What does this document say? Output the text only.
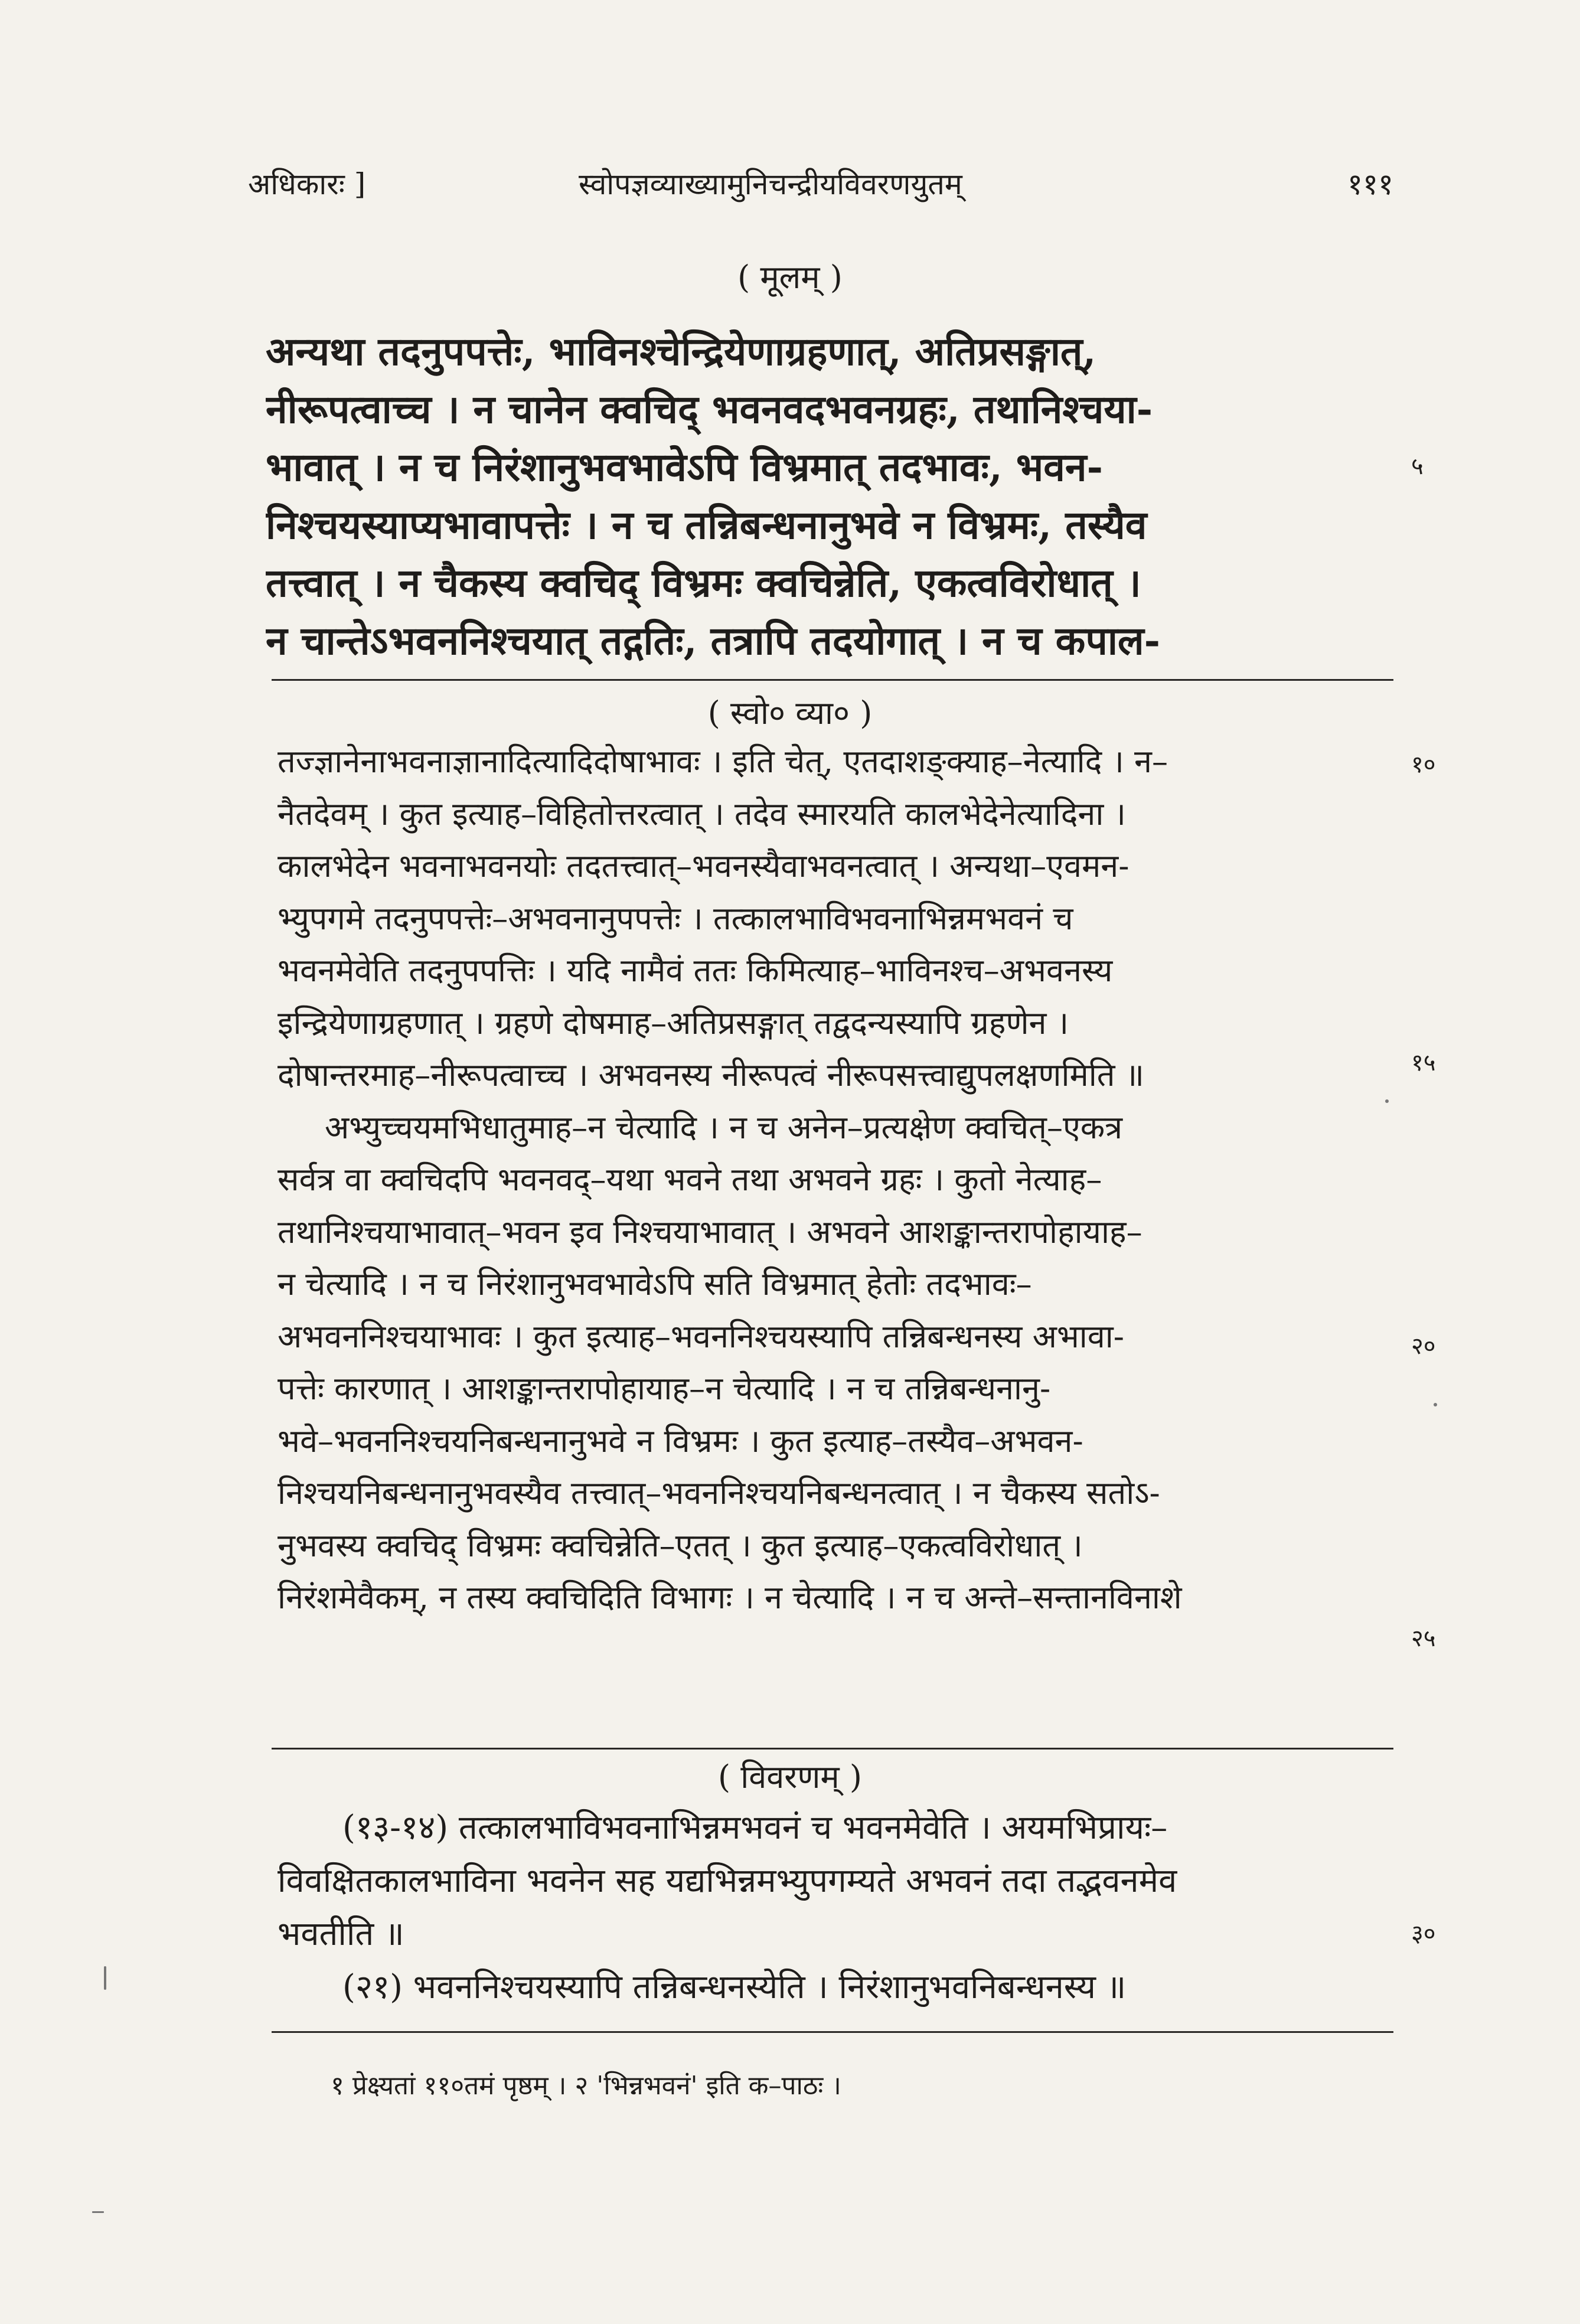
अधिकारः ]	स्वोपज्ञव्याख्यामुनिचन्द्रीयविवरणयुतम्	१११
( मूलम् )
अन्यथा तदनुपपत्तेः, भाविनश्चेन्द्रियेणाग्रहणात्, अतिप्रसङ्गात्,
नीरूपत्वाच्च । न चानेन क्वचिद् भवनवदभवनग्रहः, तथानिश्चया-
भावात् । न च निरंशानुभवभावेऽपि विभ्रमात् तदभावः, भवन-
निश्चयस्याप्यभावापत्तेः । न च तन्निबन्धनानुभवे न विभ्रमः, तस्यैव
तत्त्वात् । न चैकस्य क्वचिद् विभ्रमः क्वचिन्नेति, एकत्वविरोधात् ।
न चान्तेऽभवननिश्चयात् तद्गतिः, तत्रापि तदयोगात् । न च कपाल-
५
( स्वो० व्या० )
तज्ज्ञानेनाभवनाज्ञानादित्यादिदोषाभावः । इति चेत्, एतदाशङ्क्याह–नेत्यादि । न–
नैतदेवम् । कुत इत्याह–विहितोत्तरत्वात् । तदेव स्मारयति कालभेदेनेत्यादिना ।
कालभेदेन भवनाभवनयोः तदतत्त्वात्–भवनस्यैवाभवनत्वात् । अन्यथा–एवमन-
भ्युपगमे तदनुपपत्तेः–अभवनानुपपत्तेः । तत्कालभाविभवनाभिन्नमभवनं च
भवनमेवेति तदनुपपत्तिः । यदि नामैवं ततः किमित्याह–भाविनश्च–अभवनस्य
इन्द्रियेणाग्रहणात् । ग्रहणे दोषमाह–अतिप्रसङ्गात् तद्वदन्यस्यापि ग्रहणेन ।
दोषान्तरमाह–नीरूपत्वाच्च । अभवनस्य नीरूपत्वं नीरूपसत्त्वाद्युपलक्षणमिति ॥
अभ्युच्चयमभिधातुमाह–न चेत्यादि । न च अनेन–प्रत्यक्षेण क्वचित्–एकत्र
सर्वत्र वा क्वचिदपि भवनवद्–यथा भवने तथा अभवने ग्रहः । कुतो नेत्याह–
तथानिश्चयाभावात्–भवन इव निश्चयाभावात् । अभवने आशङ्कान्तरापोहायाह–
न चेत्यादि । न च निरंशानुभवभावेऽपि सति विभ्रमात् हेतोः तदभावः–
अभवननिश्चयाभावः । कुत इत्याह–भवननिश्चयस्यापि तन्निबन्धनस्य अभावा-
पत्तेः कारणात् । आशङ्कान्तरापोहायाह–न चेत्यादि । न च तन्निबन्धनानु-
भवे–भवननिश्चयनिबन्धनानुभवे न विभ्रमः । कुत इत्याह–तस्यैव–अभवन-
निश्चयनिबन्धनानुभवस्यैव तत्त्वात्–भवननिश्चयनिबन्धनत्वात् । न चैकस्य सतोऽ-
नुभवस्य क्वचिद् विभ्रमः क्वचिन्नेति–एतत् । कुत इत्याह–एकत्वविरोधात् ।
निरंशमेवैकम्, न तस्य क्वचिदिति विभागः । न चेत्यादि । न च अन्ते–सन्तानविनाशे
१०
१५
२०
२५
( विवरणम् )
(१३-१४) तत्कालभाविभवनाभिन्नमभवनं च भवनमेवेति । अयमभिप्रायः–
विवक्षितकालभाविना भवनेन सह यद्यभिन्नमभ्युपगम्यते अभवनं तदा तद्भवनमेव
भवतीति ॥
(२१) भवननिश्चयस्यापि तन्निबन्धनस्येति । निरंशानुभवनिबन्धनस्य ॥
३०
१ प्रेक्ष्यतां ११०तमं पृष्ठम् । २ 'भिन्नभवनं' इति क–पाठः ।
